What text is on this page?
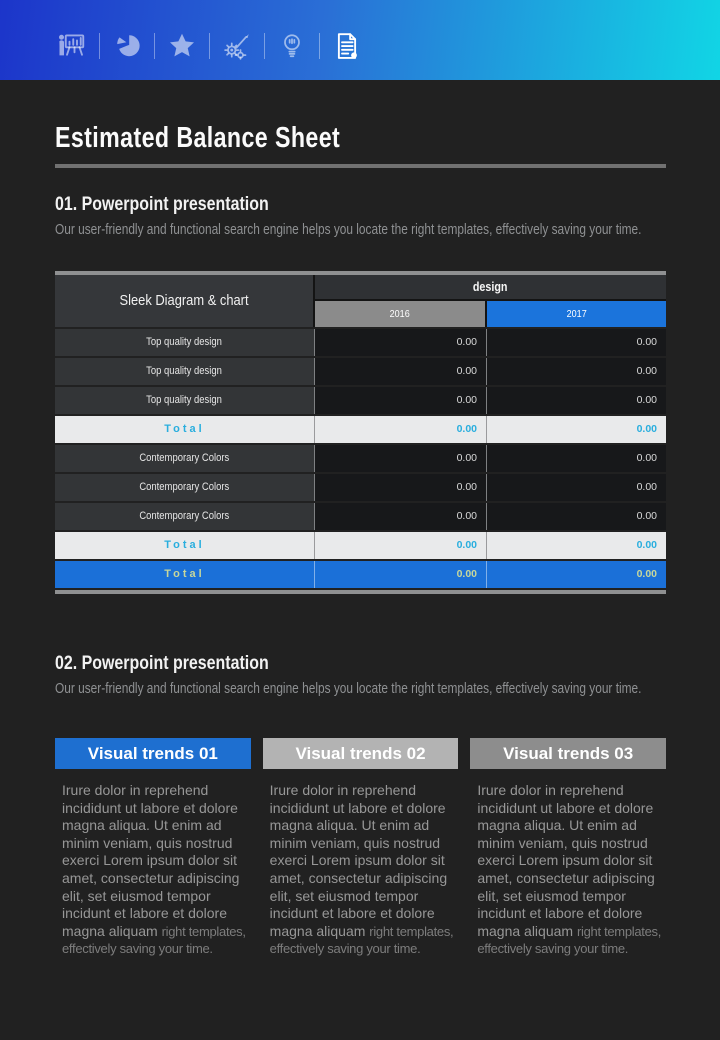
Estimated Balance Sheet
01. Powerpoint presentation

Our user-friendly and functional search engine helps you locate the right templates, effectively saving your time.

Sleek Diagram & chart
design
2016	2017
Top quality design	0.00	0.00
Top quality design	0.00	0.00
Top quality design	0.00	0.00
Total	0.00	0.00
Contemporary Colors	0.00	0.00
Contemporary Colors	0.00	0.00
Contemporary Colors	0.00	0.00
Total	0.00	0.00
Total	0.00	0.00
02. Powerpoint presentation

Our user-friendly and functional search engine helps you locate the right templates, effectively saving your time.

Visual trends 01

Irure dolor in reprehend incididunt ut labore et dolore magna aliqua. Ut enim ad minim veniam, quis nostrud exerci Lorem ipsum dolor sit amet, consectetur adipiscing elit, set eiusmod tempor incidunt et labore et dolore magna aliquam right templates, effectively saving your time.

Visual trends 02

Irure dolor in reprehend incididunt ut labore et dolore magna aliqua. Ut enim ad minim veniam, quis nostrud exerci Lorem ipsum dolor sit amet, consectetur adipiscing elit, set eiusmod tempor incidunt et labore et dolore magna aliquam right templates, effectively saving your time.

Visual trends 03

Irure dolor in reprehend incididunt ut labore et dolore magna aliqua. Ut enim ad minim veniam, quis nostrud exerci Lorem ipsum dolor sit amet, consectetur adipiscing elit, set eiusmod tempor incidunt et labore et dolore magna aliquam right templates, effectively saving your time.
